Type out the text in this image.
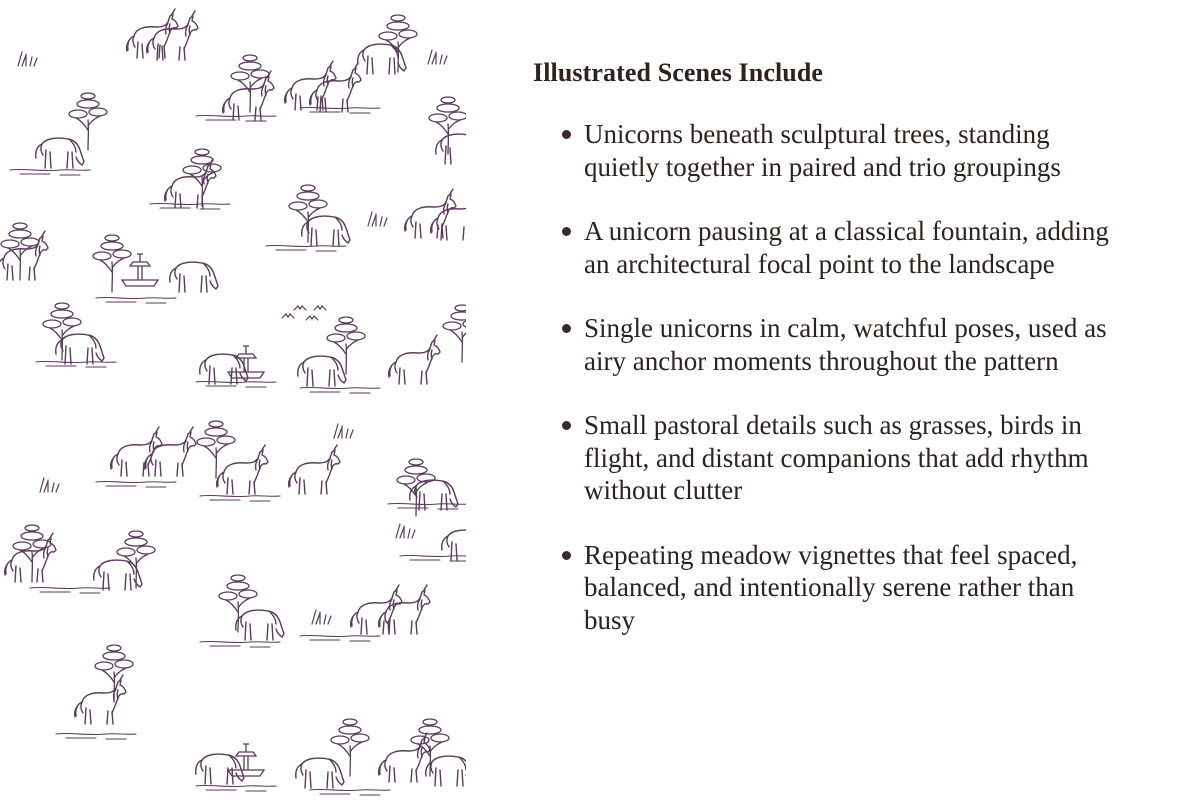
Illustrated Scenes Include
Unicorns beneath sculptural trees, standing quietly together in paired and trio groupings
A unicorn pausing at a classical fountain, adding an architectural focal point to the landscape
Single unicorns in calm, watchful poses, used as airy anchor moments throughout the pattern
Small pastoral details such as grasses, birds in flight, and distant companions that add rhythm without clutter
Repeating meadow vignettes that feel spaced, balanced, and intentionally serene rather than busy
